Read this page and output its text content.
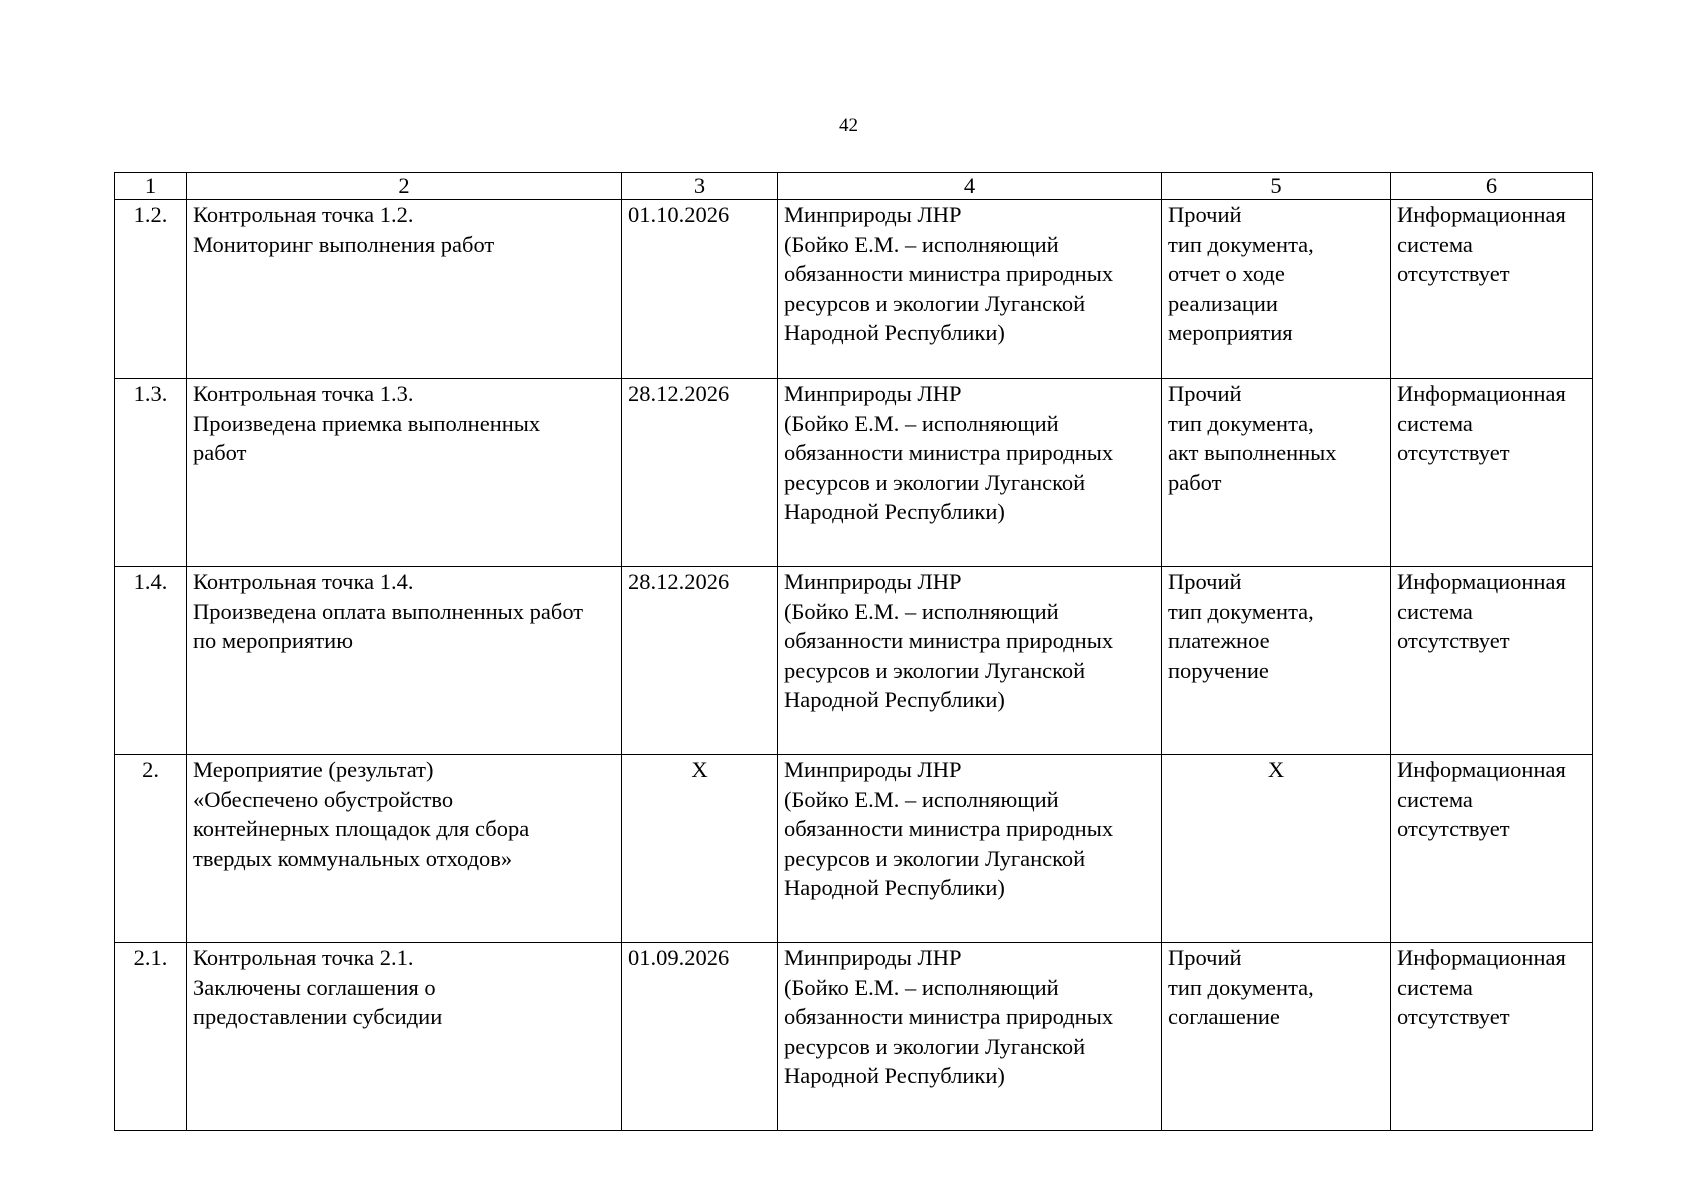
42
1	2	3	4	5	6
1.2.	Контрольная точка 1.2.
Мониторинг выполнения работ	01.10.2026	Минприроды ЛНР
(Бойко Е.М. – исполняющий
обязанности министра природных
ресурсов и экологии Луганской
Народной Республики)	Прочий
тип документа,
отчет о ходе
реализации
мероприятия	Информационная
система
отсутствует

1.3.	Контрольная точка 1.3.
Произведена приемка выполненных
работ	28.12.2026	Минприроды ЛНР
(Бойко Е.М. – исполняющий
обязанности министра природных
ресурсов и экологии Луганской
Народной Республики)	Прочий
тип документа,
акт выполненных
работ	Информационная
система
отсутствует

1.4.	Контрольная точка 1.4.
Произведена оплата выполненных работ
по мероприятию	28.12.2026	Минприроды ЛНР
(Бойко Е.М. – исполняющий
обязанности министра природных
ресурсов и экологии Луганской
Народной Республики)	Прочий
тип документа,
платежное
поручение	Информационная
система
отсутствует

2.	Мероприятие (результат)
«Обеспечено обустройство
контейнерных площадок для сбора
твердых коммунальных отходов»	Х	Минприроды ЛНР
(Бойко Е.М. – исполняющий
обязанности министра природных
ресурсов и экологии Луганской
Народной Республики)	Х	Информационная
система
отсутствует

2.1.	Контрольная точка 2.1.
Заключены соглашения о
предоставлении субсидии	01.09.2026	Минприроды ЛНР
(Бойко Е.М. – исполняющий
обязанности министра природных
ресурсов и экологии Луганской
Народной Республики)	Прочий
тип документа,
соглашение	Информационная
система
отсутствует
